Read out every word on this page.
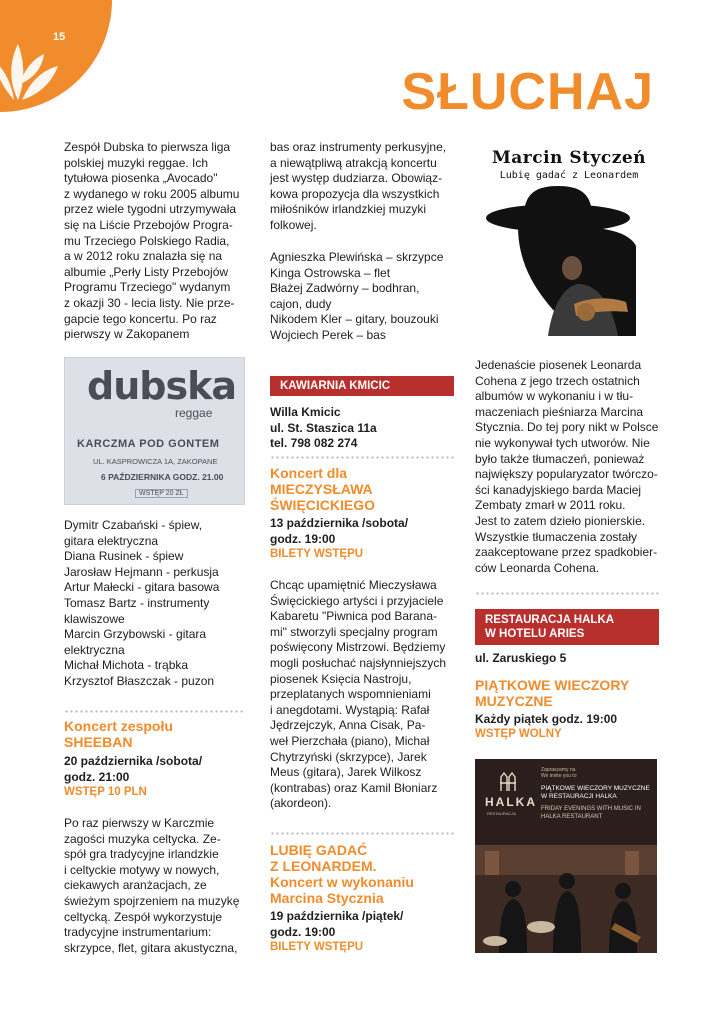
15
SŁUCHAJ

Zespół Dubska to pierwsza liga

polskiej muzyki reggae. Ich

tytułowa piosenka „Avocado"

z wydanego w roku 2005 albumu

przez wiele tygodni utrzymywała

się na Liście Przebojów Progra-

mu Trzeciego Polskiego Radia,

a w 2012 roku znalazła się na

albumie „Perły Listy Przebojów

Programu Trzeciego" wydanym

z okazji 30 - lecia listy. Nie prze-

gapcie tego koncertu. Po raz

pierwszy w Zakopanem

dubska
reggae
KARCZMA POD GONTEM
UL. KASPROWICZA 1A, ZAKOPANE
6 PAŹDZIERNIKA GODZ. 21.00
WSTĘP 20 ZŁ

Dymitr Czabański - śpiew,

gitara elektryczna

Diana Rusinek - śpiew

Jarosław Hejmann - perkusja

Artur Małecki - gitara basowa

Tomasz Bartz - instrumenty

klawiszowe

Marcin Grzybowski - gitara

elektryczna

Michał Michota - trąbka

Krzysztof Błaszczak - puzon

Koncert zespołu

SHEEBAN

20 października /sobota/

godz. 21:00

WSTĘP 10 PLN

Po raz pierwszy w Karczmie

zagości muzyka celtycka. Ze-

spół gra tradycyjne irlandzkie

i celtyckie motywy w nowych,

ciekawych aranżacjach, ze

świeżym spojrzeniem na muzykę

celtycką. Zespół wykorzystuje

tradycyjne instrumentarium:

skrzypce, flet, gitara akustyczna,

bas oraz instrumenty perkusyjne,

a niewątpliwą atrakcją koncertu

jest występ dudziarza. Obowiąz-

kowa propozycja dla wszystkich

miłośników irlandzkiej muzyki

folkowej.

Agnieszka Plewińska – skrzypce

Kinga Ostrowska – flet

Błażej Zadwórny – bodhran,

cajon, dudy

Nikodem Kler – gitary, bouzouki

Wojciech Perek – bas

KAWIARNIA KMICIC

Willa Kmicic

ul. St. Staszica 11a

tel. 798 082 274

Koncert dla

MIECZYSŁAWA

ŚWIĘCICKIEGO

13 października /sobota/

godz. 19:00

BILETY WSTĘPU

Chcąc upamiętnić Mieczysława

Święcickiego artyści i przyjaciele

Kabaretu "Piwnica pod Barana-

mi" stworzyli specjalny program

poświęcony Mistrzowi. Będziemy

mogli posłuchać najsłynniejszych

piosenek Księcia Nastroju,

przeplatanych wspomnieniami

i anegdotami. Wystąpią: Rafał

Jędrzejczyk, Anna Cisak, Pa-

weł Pierzchała (piano), Michał

Chytrzyński (skrzypce), Jarek

Meus (gitara), Jarek Wilkosz

(kontrabas) oraz Kamil Błoniarz

(akordeon).

LUBIĘ GADAĆ

Z LEONARDEM.

Koncert w wykonaniu

Marcina Stycznia

19 października /piątek/

godz. 19:00

BILETY WSTĘPU

Marcin Styczeń
Lubię gadać z Leonardem

Jedenaście piosenek Leonarda

Cohena z jego trzech ostatnich

albumów w wykonaniu i w tłu-

maczeniach pieśniarza Marcina

Stycznia. Do tej pory nikt w Polsce

nie wykonywał tych utworów. Nie

było także tłumaczeń, ponieważ

największy popularyzator twórczo-

ści kanadyjskiego barda Maciej

Zembaty zmarł w 2011 roku.

Jest to zatem dzieło pionierskie.

Wszystkie tłumaczenia zostały

zaakceptowane przez spadkobier-

ców Leonarda Cohena.

RESTAURACJA HALKA

W HOTELU ARIES

ul. Zaruskiego 5

PIĄTKOWE WIECZORY

MUZYCZNE

Każdy piątek godz. 19:00

WSTĘP WOLNY

HALKA
RESTAURACJA

Zapraszamy na

We invite you to

PIĄTKOWE WIECZORY MUZYCZNE W RESTAURACJI HALKA
FRIDAY EVENINGS WITH MUSIC IN HALKA RESTAURANT
